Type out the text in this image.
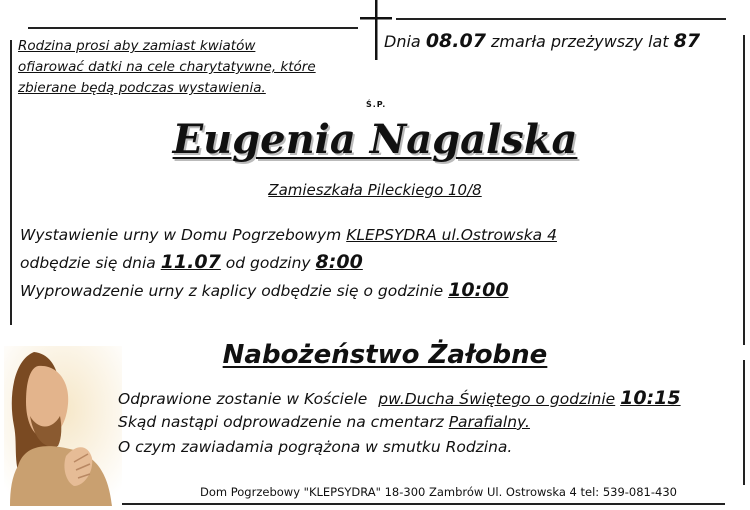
Rodzina prosi aby zamiast kwiatów
ofiarować datki na cele charytatywne, które
zbierane będą podczas wystawienia.
Dnia 08.07 zmarła przeżywszy lat 87
Ś.P.
Eugenia Nagalska
Zamieszkała Pileckiego 10/8
Wystawienie urny w Domu Pogrzebowym KLEPSYDRA ul.Ostrowska 4
odbędzie się dnia 11.07 od godziny 8:00
Wyprowadzenie urny z kaplicy odbędzie się o godzinie 10:00
Nabożeństwo Żałobne
Odprawione zostanie w Kościele pw.Ducha Świętego o godzinie 10:15
Skąd nastąpi odprowadzenie na cmentarz Parafialny.
O czym zawiadamia pogrążona w smutku Rodzina.
Dom Pogrzebowy "KLEPSYDRA" 18-300 Zambrów Ul. Ostrowska 4 tel: 539-081-430
